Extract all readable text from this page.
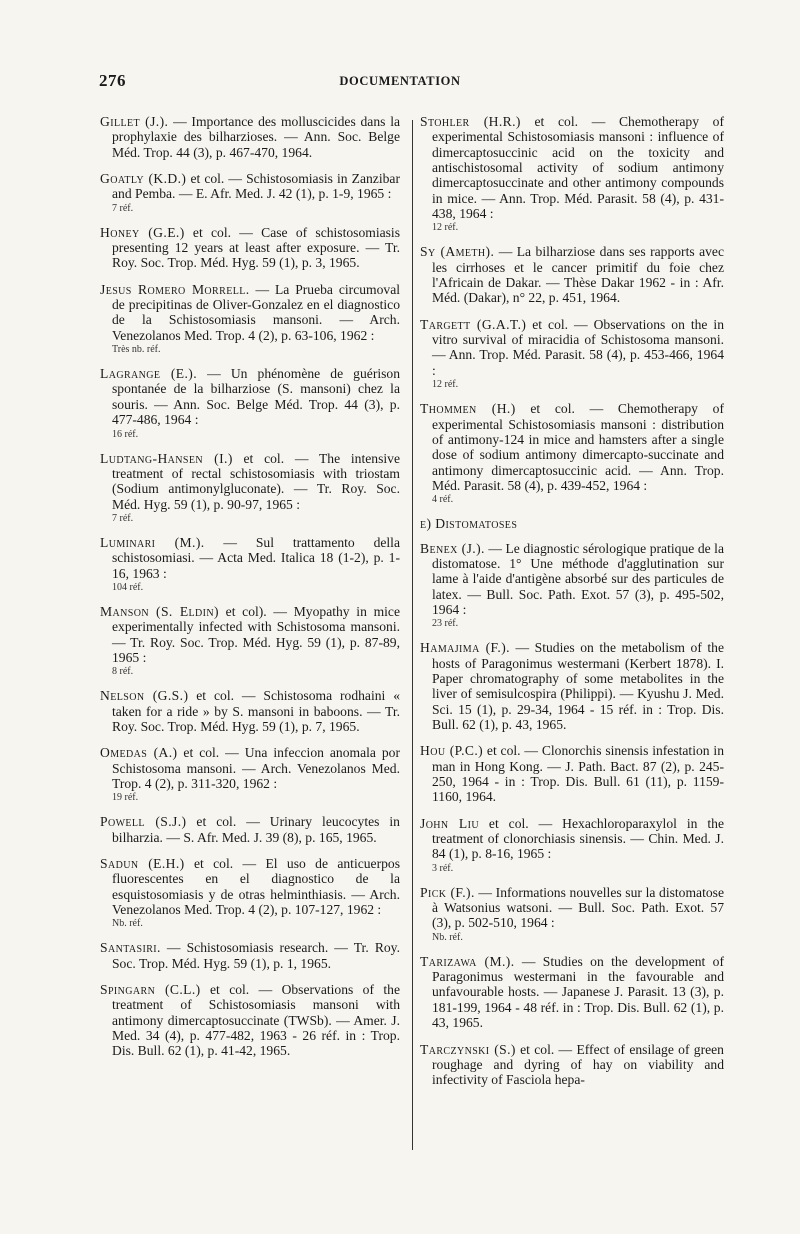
276	DOCUMENTATION

Gillet (J.). — Importance des molluscicides dans la prophylaxie des bilharzioses. — Ann. Soc. Belge Méd. Trop. 44 (3), p. 467-470, 1964.

Goatly (K.D.) et col. — Schistosomiasis in Zanzibar and Pemba. — E. Afr. Med. J. 42 (1), p. 1-9, 1965 :
7 réf.

Honey (G.E.) et col. — Case of schistosomiasis presenting 12 years at least after exposure. — Tr. Roy. Soc. Trop. Méd. Hyg. 59 (1), p. 3, 1965.

Jesus Romero Morrell. — La Prueba circumoval de precipitinas de Oliver-Gonzalez en el diagnostico de la Schistosomiasis mansoni. — Arch. Venezolanos Med. Trop. 4 (2), p. 63-106, 1962 :
Très nb. réf.

Lagrange (E.). — Un phénomène de guérison spontanée de la bilharziose (S. mansoni) chez la souris. — Ann. Soc. Belge Méd. Trop. 44 (3), p. 477-486, 1964 :
16 réf.

Ludtang-Hansen (I.) et col. — The intensive treatment of rectal schistosomiasis with triostam (Sodium antimonylgluconate). — Tr. Roy. Soc. Méd. Hyg. 59 (1), p. 90-97, 1965 :
7 réf.

Luminari (M.). — Sul trattamento della schistosomiasi. — Acta Med. Italica 18 (1-2), p. 1-16, 1963 :
104 réf.

Manson (S. Eldin) et col). — Myopathy in mice experimentally infected with Schistosoma mansoni. — Tr. Roy. Soc. Trop. Méd. Hyg. 59 (1), p. 87-89, 1965 :
8 réf.

Nelson (G.S.) et col. — Schistosoma rodhaini « taken for a ride » by S. mansoni in baboons. — Tr. Roy. Soc. Trop. Méd. Hyg. 59 (1), p. 7, 1965.

Omedas (A.) et col. — Una infeccion anomala por Schistosoma mansoni. — Arch. Venezolanos Med. Trop. 4 (2), p. 311-320, 1962 :
19 réf.

Powell (S.J.) et col. — Urinary leucocytes in bilharzia. — S. Afr. Med. J. 39 (8), p. 165, 1965.

Sadun (E.H.) et col. — El uso de anticuerpos fluorescentes en el diagnostico de la esquistosomiasis y de otras helminthiasis. — Arch. Venezolanos Med. Trop. 4 (2), p. 107-127, 1962 :
Nb. réf.

Santasiri. — Schistosomiasis research. — Tr. Roy. Soc. Trop. Méd. Hyg. 59 (1), p. 1, 1965.

Spingarn (C.L.) et col. — Observations of the treatment of Schistosomiasis mansoni with antimony dimercaptosuccinate (TWSb). — Amer. J. Med. 34 (4), p. 477-482, 1963 - 26 réf. in : Trop. Dis. Bull. 62 (1), p. 41-42, 1965.

Stohler (H.R.) et col. — Chemotherapy of experimental Schistosomiasis mansoni : influence of dimercaptosuccinic acid on the toxicity and antischistosomal activity of sodium antimony dimercaptosuccinate and other antimony compounds in mice. — Ann. Trop. Méd. Parasit. 58 (4), p. 431-438, 1964 :
12 réf.

Sy (Ameth). — La bilharziose dans ses rapports avec les cirrhoses et le cancer primitif du foie chez l'Africain de Dakar. — Thèse Dakar 1962 - in : Afr. Méd. (Dakar), n° 22, p. 451, 1964.

Targett (G.A.T.) et col. — Observations on the in vitro survival of miracidia of Schistosoma mansoni. — Ann. Trop. Méd. Parasit. 58 (4), p. 453-466, 1964 :
12 réf.

Thommen (H.) et col. — Chemotherapy of experimental Schistosomiasis mansoni : distribution of antimony-124 in mice and hamsters after a single dose of sodium antimony dimercapto-succinate and antimony dimercaptosuccinic acid. — Ann. Trop. Méd. Parasit. 58 (4), p. 439-452, 1964 :
4 réf.

e) Distomatoses

Benex (J.). — Le diagnostic sérologique pratique de la distomatose. 1° Une méthode d'agglutination sur lame à l'aide d'antigène absorbé sur des particules de latex. — Bull. Soc. Path. Exot. 57 (3), p. 495-502, 1964 :
23 réf.

Hamajima (F.). — Studies on the metabolism of the hosts of Paragonimus westermani (Kerbert 1878). I. Paper chromatography of some metabolites in the liver of semisulcospira (Philippi). — Kyushu J. Med. Sci. 15 (1), p. 29-34, 1964 - 15 réf. in : Trop. Dis. Bull. 62 (1), p. 43, 1965.

Hou (P.C.) et col. — Clonorchis sinensis infestation in man in Hong Kong. — J. Path. Bact. 87 (2), p. 245-250, 1964 - in : Trop. Dis. Bull. 61 (11), p. 1159-1160, 1964.

John Liu et col. — Hexachloroparaxylol in the treatment of clonorchiasis sinensis. — Chin. Med. J. 84 (1), p. 8-16, 1965 :
3 réf.

Pick (F.). — Informations nouvelles sur la distomatose à Watsonius watsoni. — Bull. Soc. Path. Exot. 57 (3), p. 502-510, 1964 :
Nb. réf.

Tarizawa (M.). — Studies on the development of Paragonimus westermani in the favourable and unfavourable hosts. — Japanese J. Parasit. 13 (3), p. 181-199, 1964 - 48 réf. in : Trop. Dis. Bull. 62 (1), p. 43, 1965.

Tarczynski (S.) et col. — Effect of ensilage of green roughage and dyring of hay on viability and infectivity of Fasciola hepa-
